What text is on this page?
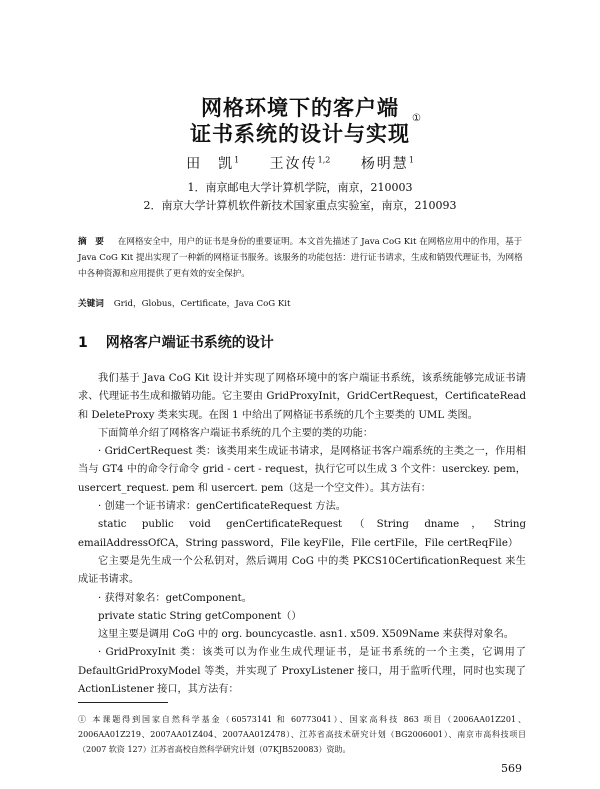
网格环境下的客户端
证书系统的设计与实现
①
田　凯$^1$ 王汝传$^{1,2}$ 杨明慧$^1$
1．南京邮电大学计算机学院，南京，210003
2．南京大学计算机软件新技术国家重点实验室，南京，210093
摘　要 在网格安全中，用户的证书是身份的重要证明。本文首先描述了 Java CoG Kit 在网格应用中的作用，基于 Java CoG Kit 提出实现了一种新的网格证书服务。该服务的功能包括：进行证书请求，生成和销毁代理证书，为网格中各种资源和应用提供了更有效的安全保护。
关键词 Grid，Globus，Certificate，Java CoG Kit
1 网格客户端证书系统的设计

我们基于 Java CoG Kit 设计并实现了网格环境中的客户端证书系统，该系统能够完成证书请求、代理证书生成和撤销功能。它主要由 GridProxyInit，GridCertRequest，CertificateRead 和 DeleteProxy 类来实现。在图 1 中给出了网格证书系统的几个主要类的 UML 类图。

下面简单介绍了网格客户端证书系统的几个主要的类的功能：

· GridCertRequest 类：该类用来生成证书请求，是网格证书客户端系统的主类之一，作用相当与 GT4 中的命令行命令 grid - cert - request，执行它可以生成 3 个文件：userckey. pem，usercert_request. pem 和 usercert. pem（这是一个空文件）。其方法有：

· 创建一个证书请求：genCertificateRequest 方法。

static public void genCertificateRequest（String dname，String emailAddressOfCA，String password，File keyFile，File certFile，File certReqFile）

它主要是先生成一个公私钥对，然后调用 CoG 中的类 PKCS10CertificationRequest 来生成证书请求。

· 获得对象名：getComponent。

private static String getComponent（）

这里主要是调用 CoG 中的 org. bouncycastle. asn1. x509. X509Name 来获得对象名。

· GridProxyInit 类：该类可以为作业生成代理证书，是证书系统的一个主类，它调用了 DefaultGridProxyModel 等类，并实现了 ProxyListener 接口，用于监听代理，同时也实现了 ActionListener 接口，其方法有：

① 本课题得到国家自然科学基金（60573141 和 60773041）、国家高科技 863 项目（2006AA01Z201、2006AA01Z219、2007AA01Z404、2007AA01Z478）、江苏省高技术研究计划（BG2006001）、南京市高科技项目（2007 软资 127）江苏省高校自然科学研究计划（07KJB520083）资助。
569
